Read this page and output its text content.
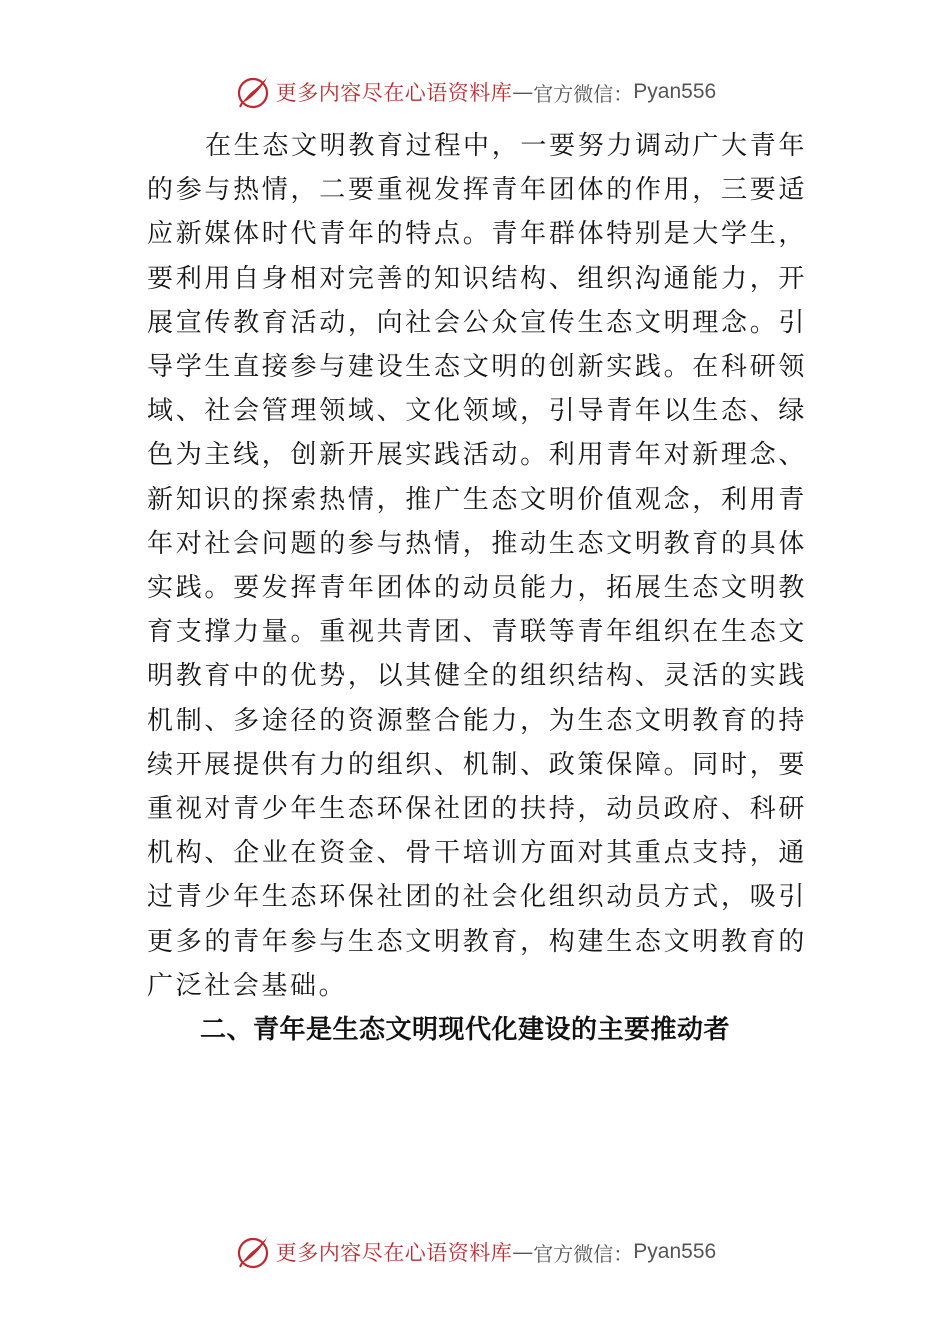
更多内容尽在心语资料库 — 官方微信： Pyan556

在生态文明教育过程中，一要努力调动广大青年的参与热情，二要重视发挥青年团体的作用，三要适应新媒体时代青年的特点。青年群体特别是大学生，要利用自身相对完善的知识结构、组织沟通能力，开展宣传教育活动，向社会公众宣传生态文明理念。引导学生直接参与建设生态文明的创新实践。在科研领域、社会管理领域、文化领域，引导青年以生态、绿色为主线，创新开展实践活动。利用青年对新理念、新知识的探索热情，推广生态文明价值观念，利用青年对社会问题的参与热情，推动生态文明教育的具体实践。要发挥青年团体的动员能力，拓展生态文明教育支撑力量。重视共青团、青联等青年组织在生态文明教育中的优势，以其健全的组织结构、灵活的实践机制、多途径的资源整合能力，为生态文明教育的持续开展提供有力的组织、机制、政策保障。同时，要重视对青少年生态环保社团的扶持，动员政府、科研机构、企业在资金、骨干培训方面对其重点支持，通过青少年生态环保社团的社会化组织动员方式，吸引更多的青年参与生态文明教育，构建生态文明教育的广泛社会基础。

二、青年是生态文明现代化建设的主要推动者
更多内容尽在心语资料库 — 官方微信： Pyan556
